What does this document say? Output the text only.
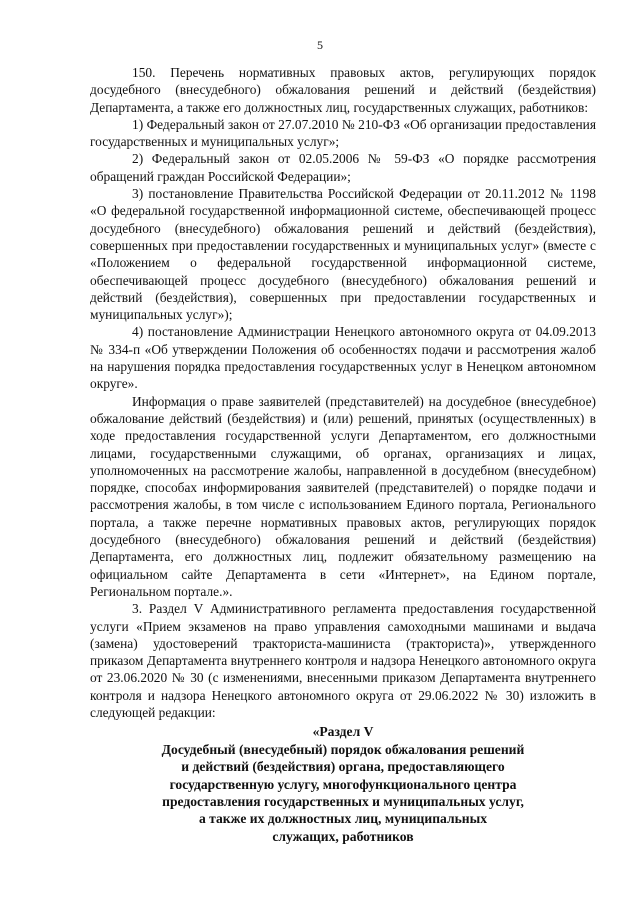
5

150. Перечень нормативных правовых актов, регулирующих порядок досудебного (внесудебного) обжалования решений и действий (бездействия) Департамента, а также его должностных лиц, государственных служащих, работников:

1) Федеральный закон от 27.07.2010 № 210-ФЗ «Об организации предоставления государственных и муниципальных услуг»;

2) Федеральный закон от 02.05.2006 № 59-ФЗ «О порядке рассмотрения обращений граждан Российской Федерации»;

3) постановление Правительства Российской Федерации от 20.11.2012 № 1198 «О федеральной государственной информационной системе, обеспечивающей процесс досудебного (внесудебного) обжалования решений и действий (бездействия), совершенных при предоставлении государственных и муниципальных услуг» (вместе с «Положением о федеральной государственной информационной системе, обеспечивающей процесс досудебного (внесудебного) обжалования решений и действий (бездействия), совершенных при предоставлении государственных и муниципальных услуг»);

4) постановление Администрации Ненецкого автономного округа от 04.09.2013 № 334-п «Об утверждении Положения об особенностях подачи и рассмотрения жалоб на нарушения порядка предоставления государственных услуг в Ненецком автономном округе».

Информация о праве заявителей (представителей) на досудебное (внесудебное) обжалование действий (бездействия) и (или) решений, принятых (осуществленных) в ходе предоставления государственной услуги Департаментом, его должностными лицами, государственными служащими, об органах, организациях и лицах, уполномоченных на рассмотрение жалобы, направленной в досудебном (внесудебном) порядке, способах информирования заявителей (представителей) о порядке подачи и рассмотрения жалобы, в том числе с использованием Единого портала, Регионального портала, а также перечне нормативных правовых актов, регулирующих порядок досудебного (внесудебного) обжалования решений и действий (бездействия) Департамента, его должностных лиц, подлежит обязательному размещению на официальном сайте Департамента в сети «Интернет», на Едином портале, Региональном портале.».

3. Раздел V Административного регламента предоставления государственной услуги «Прием экзаменов на право управления самоходными машинами и выдача (замена) удостоверений тракториста-машиниста (тракториста)», утвержденного приказом Департамента внутреннего контроля и надзора Ненецкого автономного округа от 23.06.2020 № 30 (с изменениями, внесенными приказом Департамента внутреннего контроля и надзора Ненецкого автономного округа от 29.06.2022 № 30) изложить в следующей редакции:

«Раздел V

Досудебный (внесудебный) порядок обжалования решений

и действий (бездействия) органа, предоставляющего

государственную услугу, многофункционального центра

предоставления государственных и муниципальных услуг,

а также их должностных лиц, муниципальных

служащих, работников
